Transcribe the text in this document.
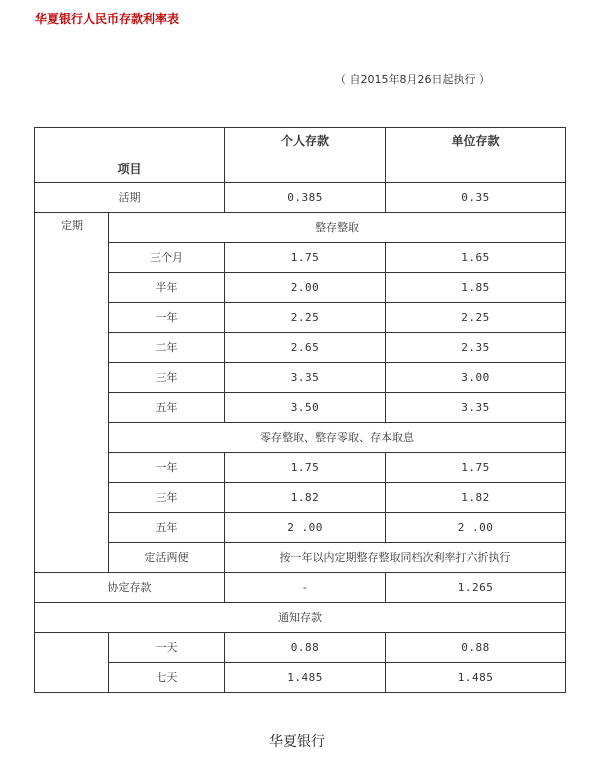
华夏银行人民币存款利率表
（ 自2015年8月26日起执行 ）
项目		个人存款	单位存款
活期		0.385	0.35
定期	整存整取		
	三个月	1.75	1.65
	半年	2.00	1.85
	一年	2.25	2.25
	二年	2.65	2.35
	三年	3.35	3.00
	五年	3.50	3.35
	零存整取、整存零取、存本取息		
	一年	1.75	1.75
	三年	1.82	1.82
	五年	2 .00	2 .00
	定活两便	按一年以内定期整存整取同档次利率打六折执行	
协定存款		-	1.265
通知存款			
	一天	0.88	0.88
	七天	1.485	1.485
华夏银行
